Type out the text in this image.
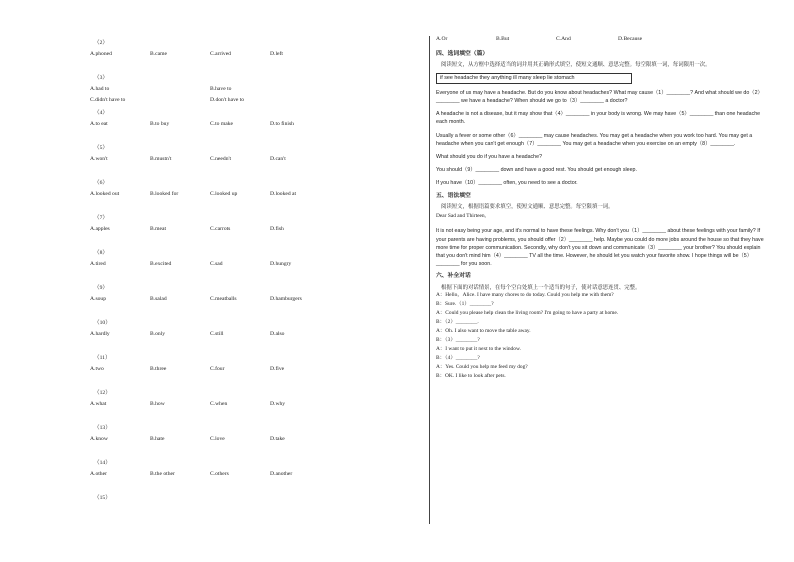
（2）
A.phoned	B.came	C.arrived	D.left
（3）
A.had to	B.have to
C.didn't have to	D.don't have to
（4）
A.to eat	B.to buy	C.to make	D.to finish
（5）
A.won't	B.mustn't	C.needn't	D.can't
（6）
A.looked out	B.looked for	C.looked up	D.looked at
（7）
A.apples	B.meat	C.carrots	D.fish
（8）
A.tired	B.excited	C.sad	D.hungry
（9）
A.soup	B.salad	C.meatballs	D.hamburgers
（10）
A.hardly	B.only	C.still	D.also
（11）
A.two	B.three	C.four	D.five
（12）
A.what	B.how	C.when	D.why
（13）
A.know	B.hate	C.love	D.take
（14）
A.other	B.the other	C.others	D.another
（15）
A.Or	B.But	C.And	D.Because
四、选词填空（篇）
阅读短文，从方框中选择适当的词并用其正确形式填空，使短文通顺、意思完整。每空限填一词，每词限用一次。
if see headache they anything ill many sleep lie stomach
Everyone of us may have a headache. But do you know about headaches? What may cause（1）________? And what should we do（2）________ we have a headache? When should we go to（3）________ a doctor?
A headache is not a disease, but it may show that（4）________ in your body is wrong. We may have（5）________ than one headache each month.
Usually a fever or some other（6）________ may cause headaches. You may get a headache when you work too hard. You may get a headache when you can't get enough（7）________ You may get a headache when you exercise on an empty（8）________.
What should you do if you have a headache?
You should（9）________ down and have a good rest. You should get enough sleep.
If you have（10）________ often, you need to see a doctor.
五、语法填空
阅读短文，根据语篇要求填空，使短文通顺、意思完整。每空限填一词。
Dear Sad and Thirteen,
It is not easy being your age, and it's normal to have these feelings. Why don't you（1）________ about these feelings with your family? If your parents are having problems, you should offer（2）________ help. Maybe you could do more jobs around the house so that they have more time for proper communication. Secondly, why don't you sit down and communicate（3）________ your brother? You should explain that you don't mind him（4）________ TV all the time. However, he should let you watch your favorite show. I hope things will be（5）________ for you soon.
六、补全对话
根据下面的对话情景，在每个空白处填上一个适当的句子，使对话意思连贯、完整。
A：Hello，Alice. I have many chores to do today. Could you help me with them?
B：Sure.（1）________?
A：Could you please help clean the living room? I'm going to have a party at home.
B：（2）________.
A：Oh. I also want to move the table away.
B：（3）________?
A：I want to put it next to the window.
B：（4）________?
A：Yes. Could you help me feed my dog?
B：OK. I like to look after pets.
